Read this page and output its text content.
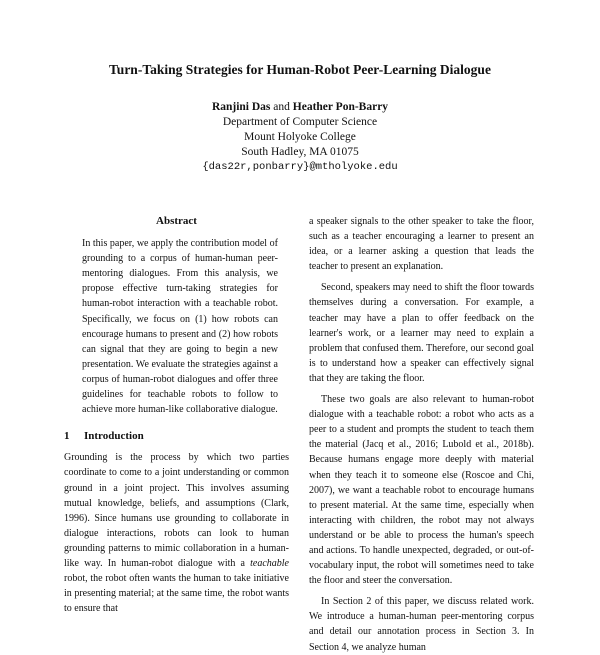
Turn-Taking Strategies for Human-Robot Peer-Learning Dialogue
Ranjini Das and Heather Pon-Barry
Department of Computer Science
Mount Holyoke College
South Hadley, MA 01075
{das22r,ponbarry}@mtholyoke.edu
Abstract

In this paper, we apply the contribution model of grounding to a corpus of human-human peer-mentoring dialogues. From this analysis, we propose effective turn-taking strategies for human-robot interaction with a teachable robot. Specifically, we focus on (1) how robots can encourage humans to present and (2) how robots can signal that they are going to begin a new presentation. We evaluate the strategies against a corpus of human-robot dialogues and offer three guidelines for teachable robots to follow to achieve more human-like collaborative dialogue.

1 Introduction

Grounding is the process by which two parties coordinate to come to a joint understanding or common ground in a joint project. This involves assuming mutual knowledge, beliefs, and assumptions (Clark, 1996). Since humans use grounding to collaborate in dialogue interactions, robots can look to human grounding patterns to mimic collaboration in a human-like way. In human-robot dialogue with a teachable robot, the robot often wants the human to take initiative in presenting material; at the same time, the robot wants to ensure that

a speaker signals to the other speaker to take the floor, such as a teacher encouraging a learner to present an idea, or a learner asking a question that leads the teacher to present an explanation.

Second, speakers may need to shift the floor towards themselves during a conversation. For example, a teacher may have a plan to offer feedback on the learner's work, or a learner may need to explain a problem that confused them. Therefore, our second goal is to understand how a speaker can effectively signal that they are taking the floor.

These two goals are also relevant to human-robot dialogue with a teachable robot: a robot who acts as a peer to a student and prompts the student to teach them the material (Jacq et al., 2016; Lubold et al., 2018b). Because humans engage more deeply with material when they teach it to someone else (Roscoe and Chi, 2007), we want a teachable robot to encourage humans to present material. At the same time, especially when interacting with children, the robot may not always understand or be able to process the human's speech and actions. To handle unexpected, degraded, or out-of-vocabulary input, the robot will sometimes need to take the floor and steer the conversation.

In Section 2 of this paper, we discuss related work. We introduce a human-human peer-mentoring corpus and detail our annotation process in Section 3. In Section 4, we analyze human
